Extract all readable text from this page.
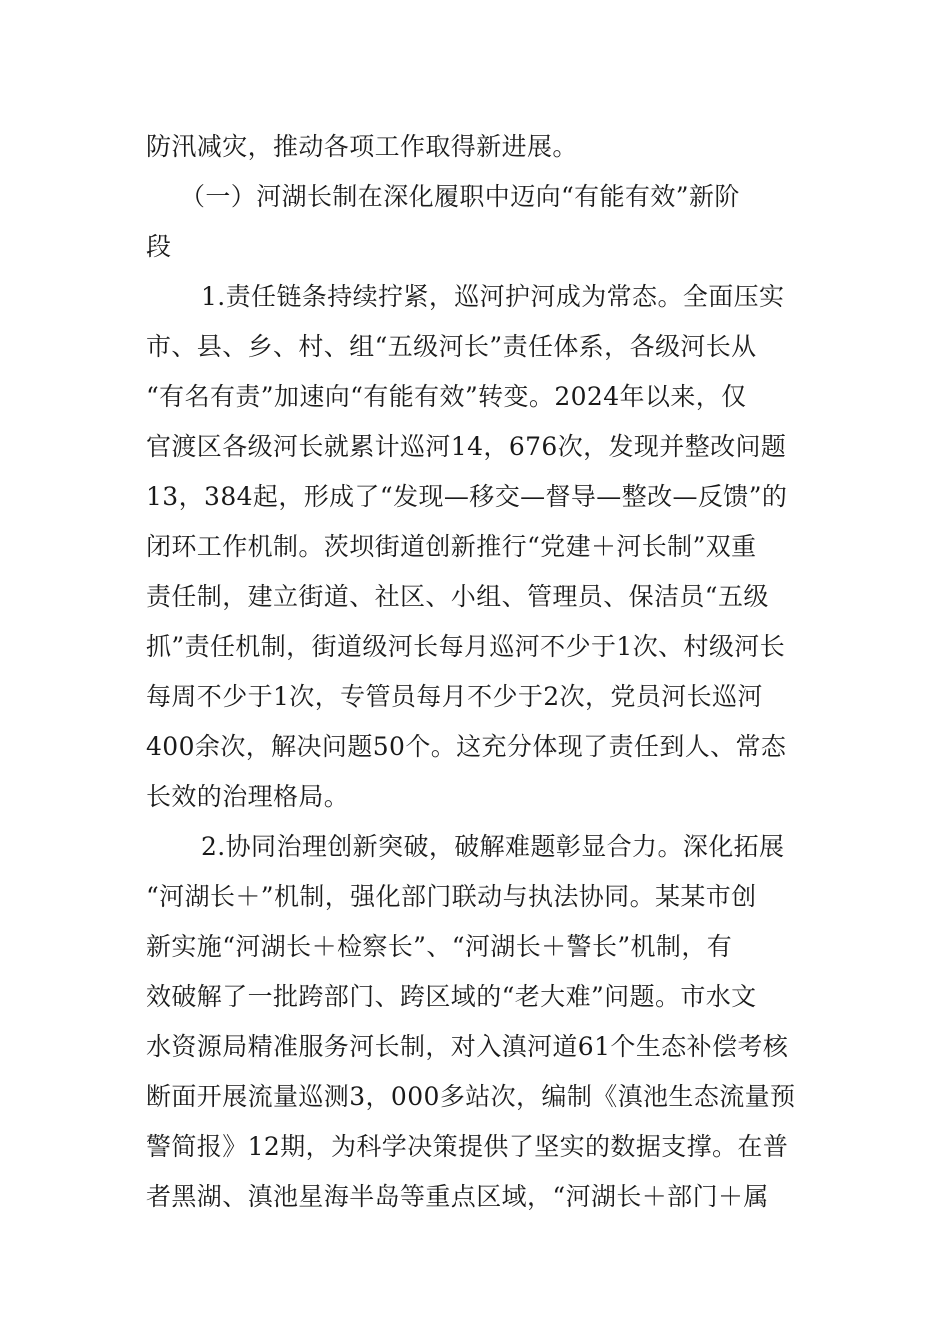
防汛减灾，推动各项工作取得新进展。
（一）河湖长制在深化履职中迈向“有能有效”新阶
段
1.责任链条持续拧紧，巡河护河成为常态。全面压实
市、县、乡、村、组“五级河长”责任体系，各级河长从
“有名有责”加速向“有能有效”转变。2024年以来，仅
官渡区各级河长就累计巡河14，676次，发现并整改问题
13，384起，形成了“发现—移交—督导—整改—反馈”的
闭环工作机制。茨坝街道创新推行“党建＋河长制”双重
责任制，建立街道、社区、小组、管理员、保洁员“五级
抓”责任机制，街道级河长每月巡河不少于1次、村级河长
每周不少于1次，专管员每月不少于2次，党员河长巡河
400余次，解决问题50个。这充分体现了责任到人、常态
长效的治理格局。
2.协同治理创新突破，破解难题彰显合力。深化拓展
“河湖长＋”机制，强化部门联动与执法协同。某某市创
新实施“河湖长＋检察长”、“河湖长＋警长”机制，有
效破解了一批跨部门、跨区域的“老大难”问题。市水文
水资源局精准服务河长制，对入滇河道61个生态补偿考核
断面开展流量巡测3，000多站次，编制《滇池生态流量预
警简报》12期，为科学决策提供了坚实的数据支撑。在普
者黑湖、滇池星海半岛等重点区域，“河湖长＋部门＋属
